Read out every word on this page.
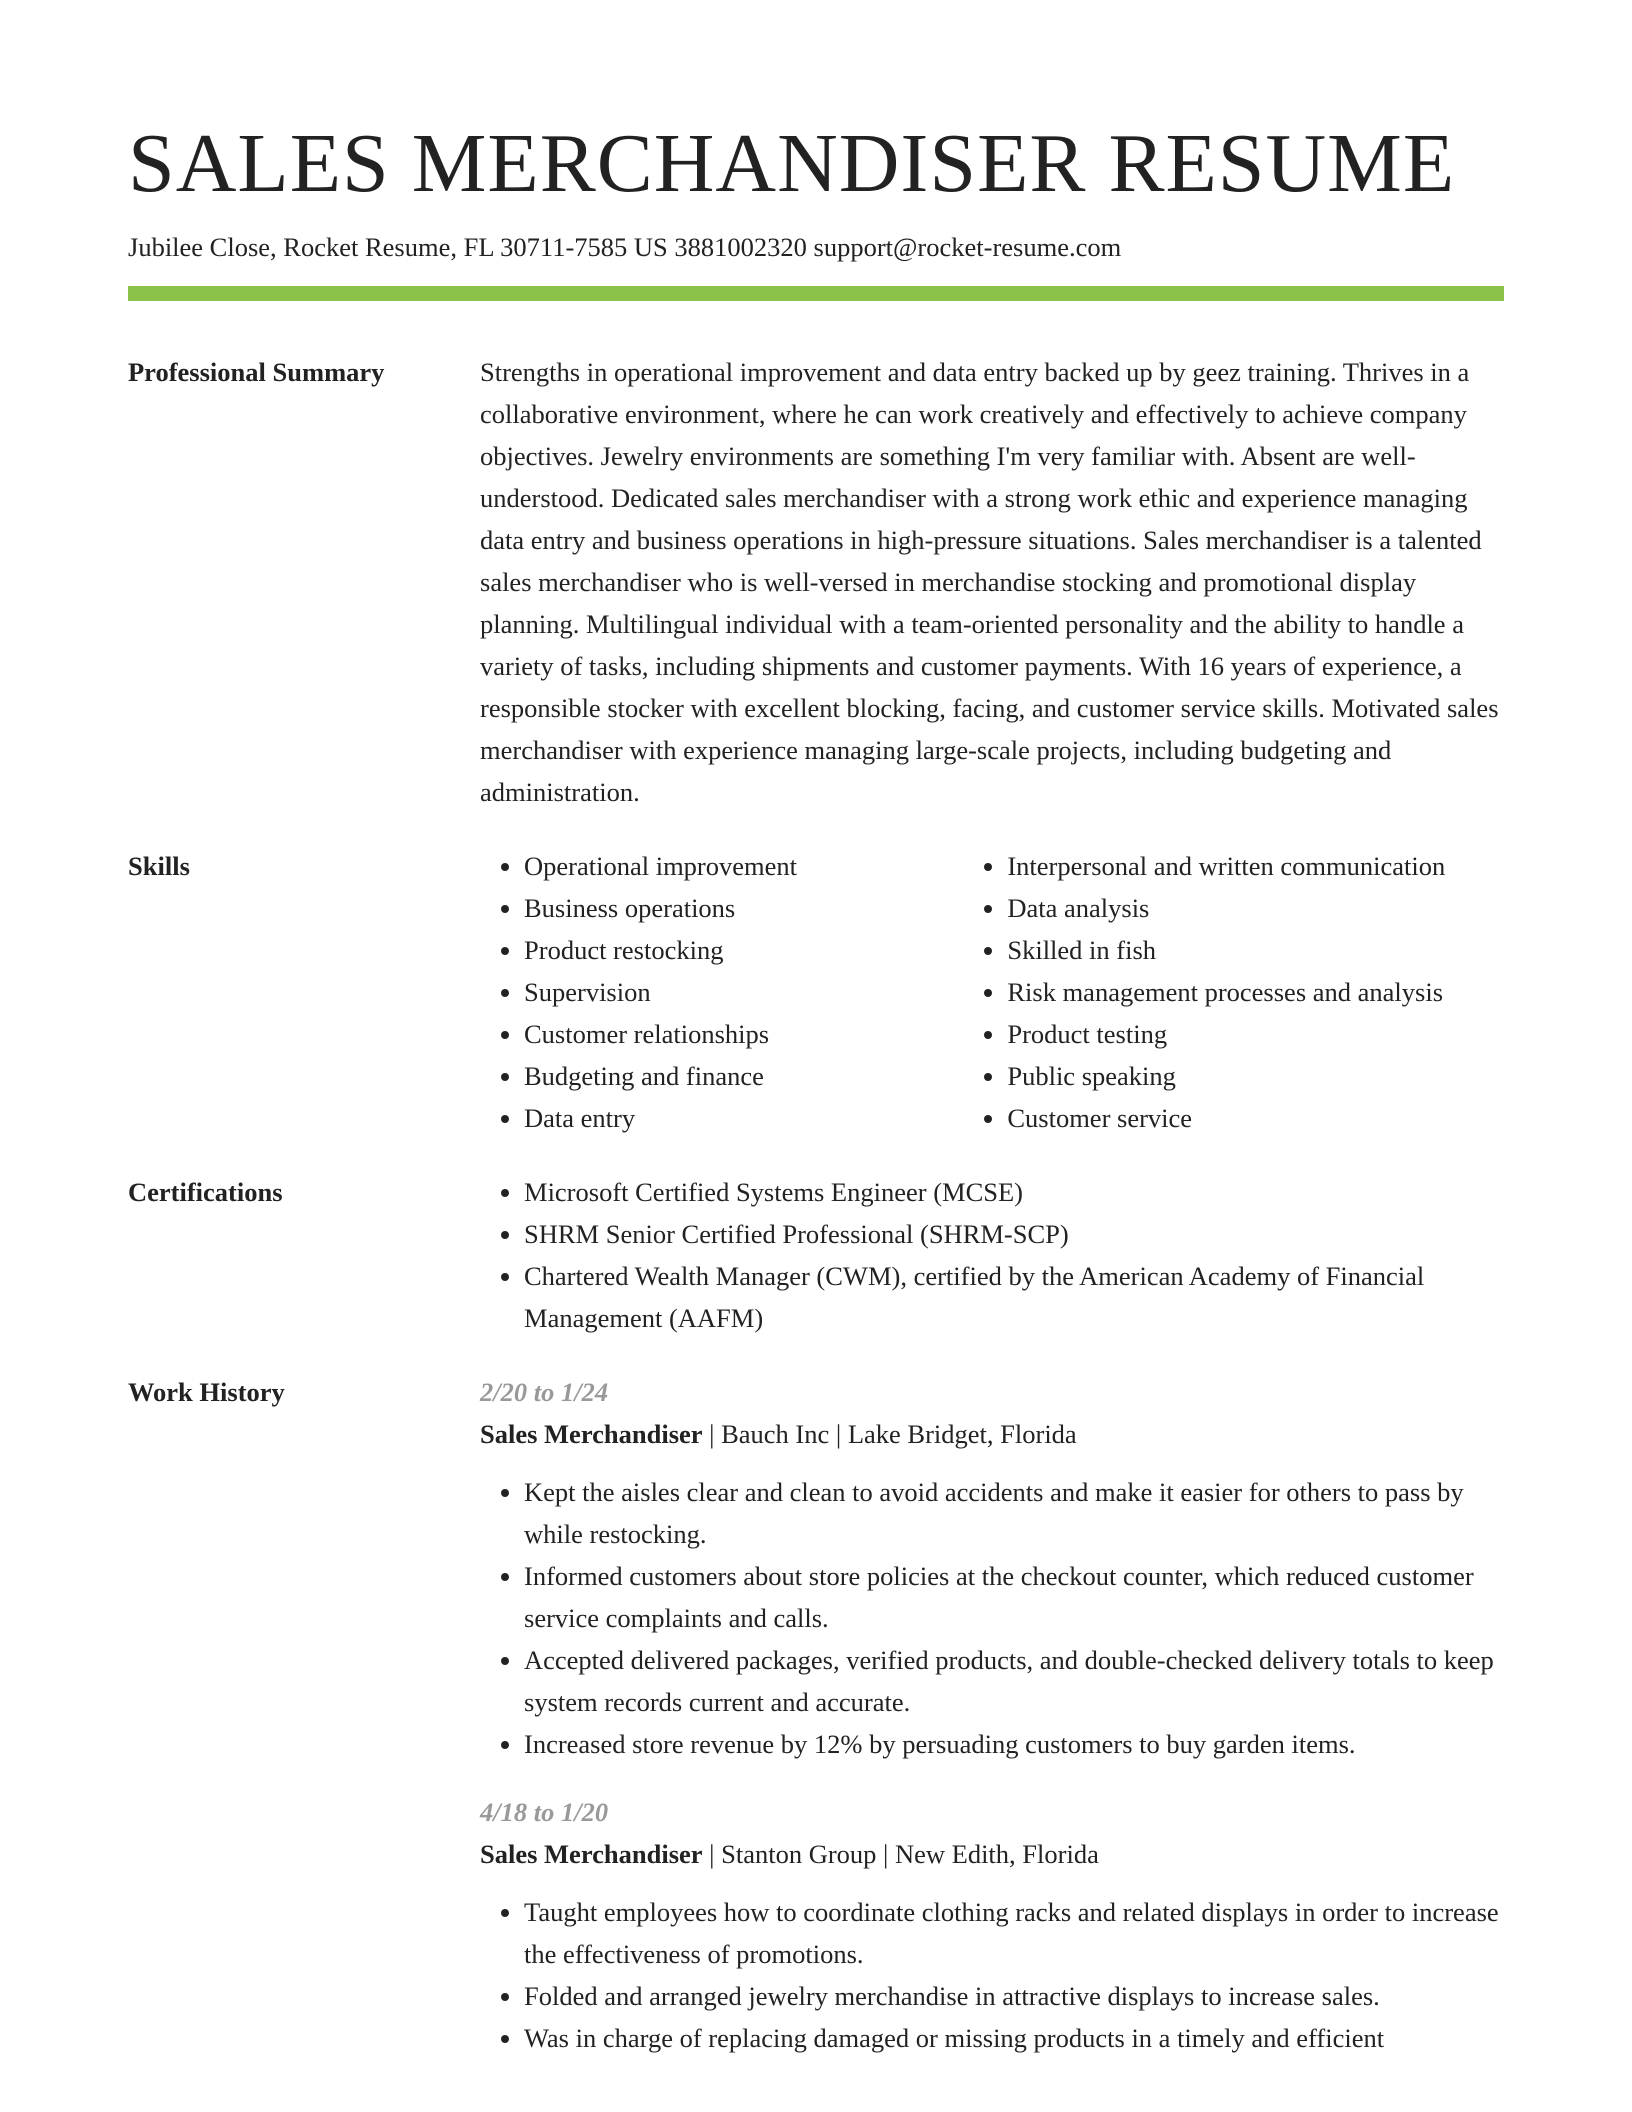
SALES MERCHANDISER RESUME
Jubilee Close, Rocket Resume, FL 30711-7585 US 3881002320 support@rocket-resume.com
Professional Summary	Strengths in operational improvement and data entry backed up by geez training. Thrives in a collaborative environment, where he can work creatively and effectively to achieve company objectives. Jewelry environments are something I'm very familiar with. Absent are well-understood. Dedicated sales merchandiser with a strong work ethic and experience managing data entry and business operations in high-pressure situations. Sales merchandiser is a talented sales merchandiser who is well-versed in merchandise stocking and promotional display planning. Multilingual individual with a team-oriented personality and the ability to handle a variety of tasks, including shipments and customer payments. With 16 years of experience, a responsible stocker with excellent blocking, facing, and customer service skills. Motivated sales merchandiser with experience managing large-scale projects, including budgeting and administration.

Skills	• Operational improvement
• Business operations
• Product restocking
• Supervision
• Customer relationships
• Budgeting and finance
• Data entry
• Interpersonal and written communication
• Data analysis
• Skilled in fish
• Risk management processes and analysis
• Product testing
• Public speaking
• Customer service
Certifications	• Microsoft Certified Systems Engineer (MCSE)
• SHRM Senior Certified Professional (SHRM-SCP)
• Chartered Wealth Manager (CWM), certified by the American Academy of Financial Management (AAFM)
Work History	2/20 to 1/24
Sales Merchandiser | Bauch Inc | Lake Bridget, Florida
• Kept the aisles clear and clean to avoid accidents and make it easier for others to pass by while restocking.
• Informed customers about store policies at the checkout counter, which reduced customer service complaints and calls.
• Accepted delivered packages, verified products, and double-checked delivery totals to keep system records current and accurate.
• Increased store revenue by 12% by persuading customers to buy garden items.
4/18 to 1/20
Sales Merchandiser | Stanton Group | New Edith, Florida
• Taught employees how to coordinate clothing racks and related displays in order to increase the effectiveness of promotions.
• Folded and arranged jewelry merchandise in attractive displays to increase sales.
• Was in charge of replacing damaged or missing products in a timely and efficient
